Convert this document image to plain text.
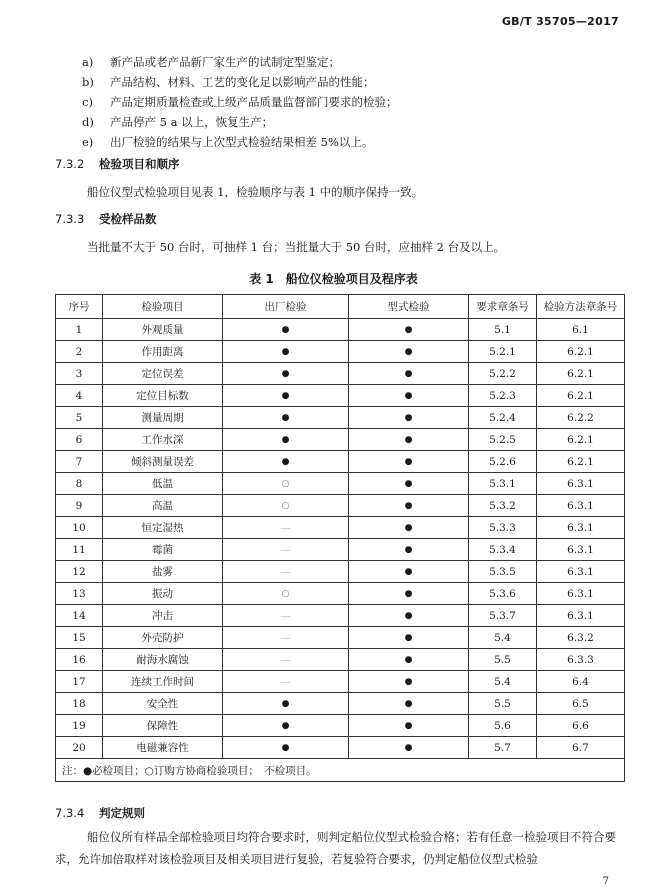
GB/T 35705—2017
a) 新产品或老产品新厂家生产的试制定型鉴定；
b) 产品结构、材料、工艺的变化足以影响产品的性能；
c) 产品定期质量检查或上级产品质量监督部门要求的检验；
d) 产品停产 5 a 以上，恢复生产；
e) 出厂检验的结果与上次型式检验结果相差 5%以上。
7.3.2 检验项目和顺序
船位仪型式检验项目见表 1，检验顺序与表 1 中的顺序保持一致。
7.3.3 受检样品数
当批量不大于 50 台时，可抽样 1 台；当批量大于 50 台时，应抽样 2 台及以上。
表 1　船位仪检验项目及程序表
序号	检验项目	出厂检验	型式检验	要求章条号	检验方法章条号
1	外观质量	●	●	5.1	6.1
2	作用距离	●	●	5.2.1	6.2.1
3	定位误差	●	●	5.2.2	6.2.1
4	定位目标数	●	●	5.2.3	6.2.1
5	测量周期	●	●	5.2.4	6.2.2
6	工作水深	●	●	5.2.5	6.2.1
7	倾斜测量误差	●	●	5.2.6	6.2.1
8	低温	○	●	5.3.1	6.3.1
9	高温	○	●	5.3.2	6.3.1
10	恒定湿热	—	●	5.3.3	6.3.1
11	霉菌	—	●	5.3.4	6.3.1
12	盐雾	—	●	5.3.5	6.3.1
13	振动	○	●	5.3.6	6.3.1
14	冲击	—	●	5.3.7	6.3.1
15	外壳防护	—	●	5.4	6.3.2
16	耐海水腐蚀	—	●	5.5	6.3.3
17	连续工作时间	—	●	5.4	6.4
18	安全性	●	●	5.5	6.5
19	保障性	●	●	5.6	6.6
20	电磁兼容性	●	●	5.7	6.7
注：●必检项目；○订购方协商检验项目；　不检项目。					
7.3.4 判定规则
船位仪所有样品全部检验项目均符合要求时，则判定船位仪型式检验合格；若有任意一检验项目不符合要求，允许加倍取样对该检验项目及相关项目进行复验，若复验符合要求，仍判定船位仪型式检验
7
